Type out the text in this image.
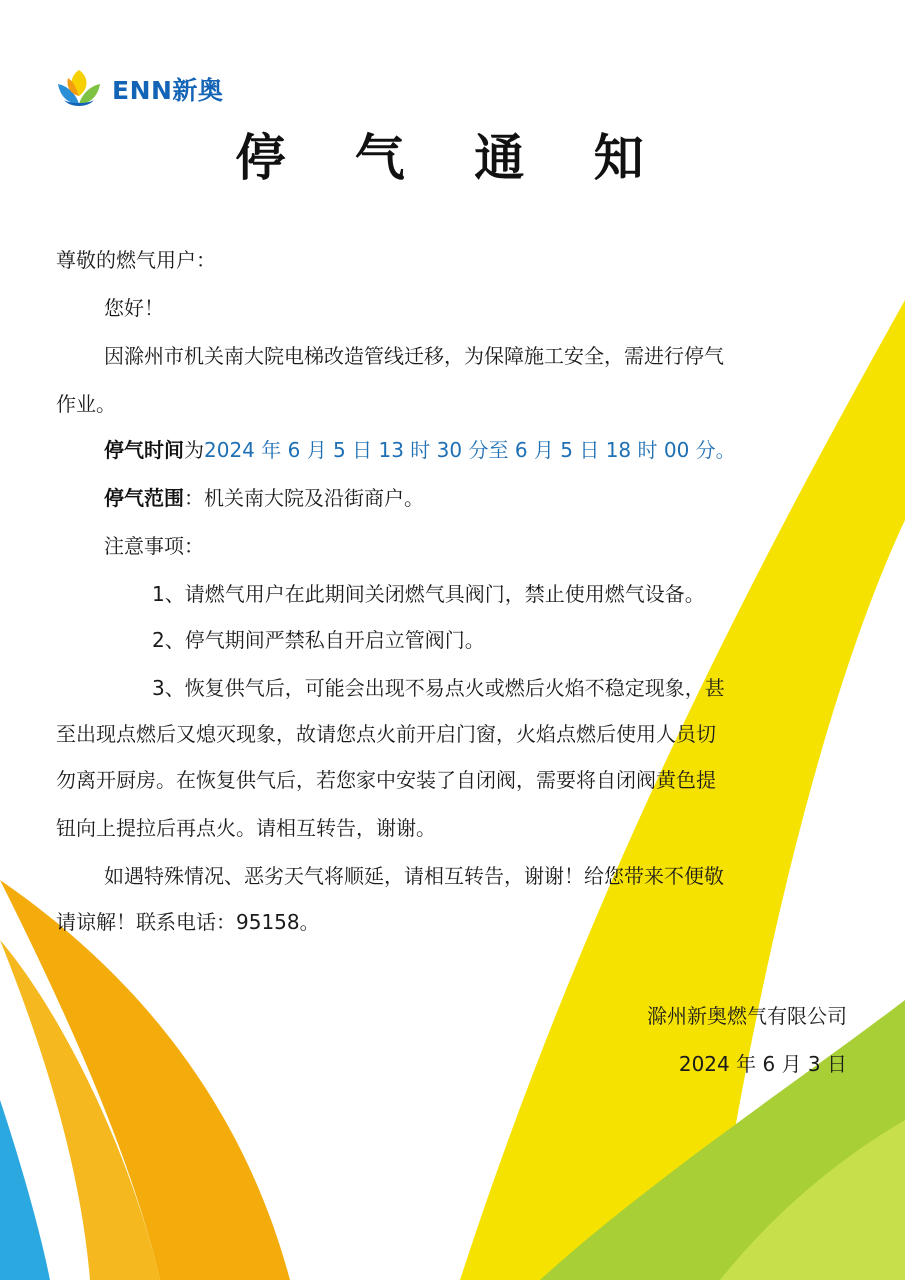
ENN新奥
停 气 通 知
尊敬的燃气用户：
您好！
因滁州市机关南大院电梯改造管线迁移，为保障施工安全，需进行停气
作业。
停气时间为2024 年 6 月 5 日 13 时 30 分至 6 月 5 日 18 时 00 分。
停气范围：机关南大院及沿街商户。
注意事项：
1、请燃气用户在此期间关闭燃气具阀门，禁止使用燃气设备。
2、停气期间严禁私自开启立管阀门。
3、恢复供气后，可能会出现不易点火或燃后火焰不稳定现象，甚
至出现点燃后又熄灭现象，故请您点火前开启门窗，火焰点燃后使用人员切
勿离开厨房。在恢复供气后，若您家中安装了自闭阀，需要将自闭阀黄色提
钮向上提拉后再点火。请相互转告，谢谢。
如遇特殊情况、恶劣天气将顺延，请相互转告，谢谢！给您带来不便敬
请谅解！联系电话：95158。
滁州新奥燃气有限公司
2024 年 6 月 3 日
